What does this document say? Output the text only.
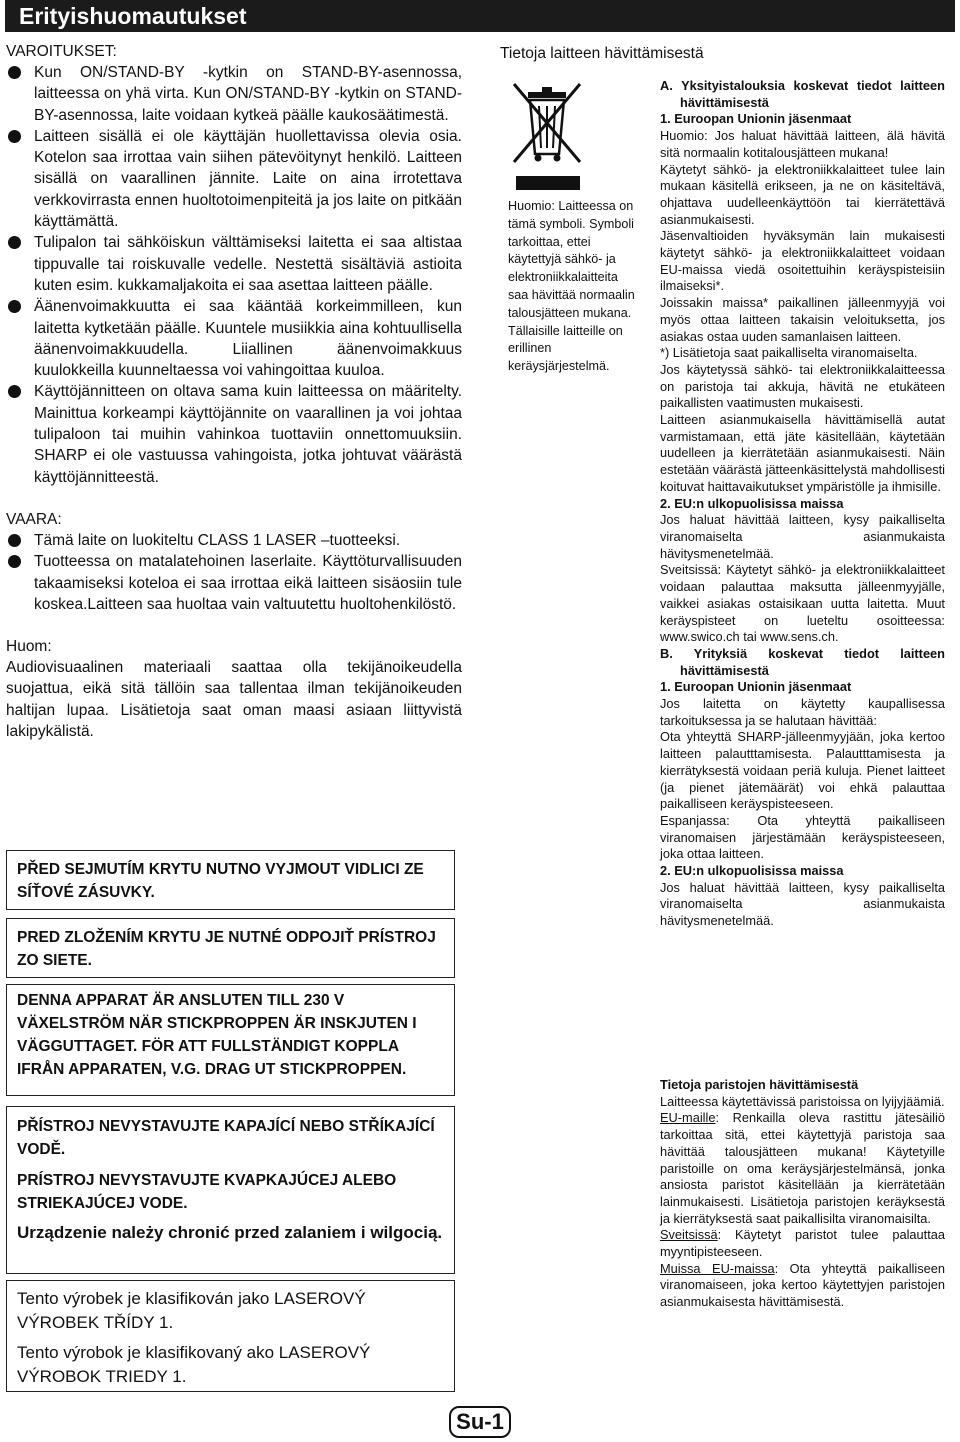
Erityishuomautukset

VAROITUKSET:

Kun ON/STAND-BY -kytkin on STAND-BY-asennossa, laitteessa on yhä virta. Kun ON/STAND-BY -kytkin on STAND-BY-asennossa, laite voidaan kytkeä päälle kaukosäätimestä.
Laitteen sisällä ei ole käyttäjän huollettavissa olevia osia. Kotelon saa irrottaa vain siihen pätevöitynyt henkilö. Laitteen sisällä on vaarallinen jännite. Laite on aina irrotettava verkkovirrasta ennen huoltotoimenpiteitä ja jos laite on pitkään käyttämättä.
Tulipalon tai sähköiskun välttämiseksi laitetta ei saa altistaa tippuvalle tai roiskuvalle vedelle. Nestettä sisältäviä astioita kuten esim. kukkamaljakoita ei saa asettaa laitteen päälle.
Äänenvoimakkuutta ei saa kääntää korkeimmilleen, kun laitetta kytketään päälle. Kuuntele musiikkia aina kohtuullisella äänenvoimakkuudella. Liiallinen äänenvoimakkuus kuulokkeilla kuunneltaessa voi vahingoittaa kuuloa.
Käyttöjännitteen on oltava sama kuin laitteessa on määritelty. Mainittua korkeampi käyttöjännite on vaarallinen ja voi johtaa tulipaloon tai muihin vahinkoa tuottaviin onnettomuuksiin. SHARP ei ole vastuussa vahingoista, jotka johtuvat väärästä käyttöjännitteestä.

VAARA:

Tämä laite on luokiteltu CLASS 1 LASER –tuotteeksi.
Tuotteessa on matalatehoinen laserlaite. Käyttöturvallisuuden takaamiseksi koteloa ei saa irrottaa eikä laitteen sisäosiin tule koskea.Laitteen saa huoltaa vain valtuutettu huoltohenkilöstö.

Huom:

Audiovisuaalinen materiaali saattaa olla tekijänoikeudella suojattua, eikä sitä tällöin saa tallentaa ilman tekijänoikeuden haltijan lupaa. Lisätietoja saat oman maasi asiaan liittyvistä lakipykälistä.

PŘED SEJMUTÍM KRYTU NUTNO VYJMOUT VIDLICI ZE SÍŤOVÉ ZÁSUVKY.
PRED ZLOŽENÍM KRYTU JE NUTNÉ ODPOJIŤ PRÍSTROJ ZO SIETE.
DENNA APPARAT ÄR ANSLUTEN TILL 230 V VÄXELSTRÖM NÄR STICKPROPPEN ÄR INSKJUTEN I VÄGGUTTAGET. FÖR ATT FULLSTÄNDIGT KOPPLA IFRÅN APPARATEN, V.G. DRAG UT STICKPROPPEN.
PŘÍSTROJ NEVYSTAVUJTE KAPAJÍCÍ NEBO STŘÍKAJÍCÍ VODĚ.
PRÍSTROJ NEVYSTAVUJTE KVAPKAJÚCEJ ALEBO STRIEKAJÚCEJ VODE.
Urządzenie należy chronić przed zalaniem i wilgocią.
Tento výrobek je klasifikován jako LASEROVÝ VÝROBEK TŘÍDY 1.
Tento výrobok je klasifikovaný ako LASEROVÝ VÝROBOK TRIEDY 1.
Tietoja laitteen hävittämisestä
Huomio: Laitteessa on tämä symboli. Symboli tarkoittaa, ettei käytettyjä sähkö- ja elektroniikkalaitteita saa hävittää normaalin talousjätteen mukana. Tällaisille laitteille on erillinen keräysjärjestelmä.

A. Yksityistalouksia koskevat tiedot laitteen hävittämisestä

1. Euroopan Unionin jäsenmaat

Huomio: Jos haluat hävittää laitteen, älä hävitä sitä normaalin kotitalousjätteen mukana!
Käytetyt sähkö- ja elektroniikkalaitteet tulee lain mukaan käsitellä erikseen, ja ne on käsiteltävä, ohjattava uudelleenkäyttöön tai kierrätettävä asianmukaisesti.
Jäsenvaltioiden hyväksymän lain mukaisesti käytetyt sähkö- ja elektroniikkalaitteet voidaan EU-maissa viedä osoitettuihin keräyspisteisiin ilmaiseksi*.
Joissakin maissa* paikallinen jälleenmyyjä voi myös ottaa laitteen takaisin veloituksetta, jos asiakas ostaa uuden samanlaisen laitteen.

*) Lisätietoja saat paikalliselta viranomaiselta.

Jos käytetyssä sähkö- tai elektroniikkalaitteessa on paristoja tai akkuja, hävitä ne etukäteen paikallisten vaatimusten mukaisesti.
Laitteen asianmukaisella hävittämisellä autat varmistamaan, että jäte käsitellään, käytetään uudelleen ja kierrätetään asianmukaisesti. Näin estetään väärästä jätteenkäsittelystä mahdollisesti koituvat haittavaikutukset ympäristölle ja ihmisille.

2. EU:n ulkopuolisissa maissa

Jos haluat hävittää laitteen, kysy paikalliselta viranomaiselta asianmukaista hävitysmenetelmää.
Sveitsissä: Käytetyt sähkö- ja elektroniikkalaitteet voidaan palauttaa maksutta jälleenmyyjälle, vaikkei asiakas ostaisikaan uutta laitetta. Muut keräyspisteet on lueteltu osoitteessa: www.swico.ch tai www.sens.ch.

B. Yrityksiä koskevat tiedot laitteen hävittämisestä

1. Euroopan Unionin jäsenmaat

Jos laitetta on käytetty kaupallisessa tarkoituksessa ja se halutaan hävittää:
Ota yhteyttä SHARP-jälleenmyyjään, joka kertoo laitteen palautttamisesta. Palautttamisesta ja kierrätyksestä voidaan periä kuluja. Pienet laitteet (ja pienet jätemäärät) voi ehkä palauttaa paikalliseen keräyspisteeseen.
Espanjassa: Ota yhteyttä paikalliseen viranomaisen järjestämään keräyspisteeseen, joka ottaa laitteen.

2. EU:n ulkopuolisissa maissa

Jos haluat hävittää laitteen, kysy paikalliselta viranomaiselta asianmukaista hävitysmenetelmää.

Tietoja paristojen hävittämisestä

Laitteessa käytettävissä paristoissa on lyijyjäämiä.

EU-maille: Renkailla oleva rastittu jätesäiliö tarkoittaa sitä, ettei käytettyjä paristoja saa hävittää talousjätteen mukana! Käytetyille paristoille on oma keräysjärjestelmänsä, jonka ansiosta paristot käsitellään ja kierrätetään lainmukaisesti. Lisätietoja paristojen keräyksestä ja kierrätyksestä saat paikallisilta viranomaisilta.

Sveitsissä: Käytetyt paristot tulee palauttaa myyntipisteeseen.

Muissa EU-maissa: Ota yhteyttä paikalliseen viranomaiseen, joka kertoo käytettyjen paristojen asianmukaisesta hävittämisestä.

Su-1
